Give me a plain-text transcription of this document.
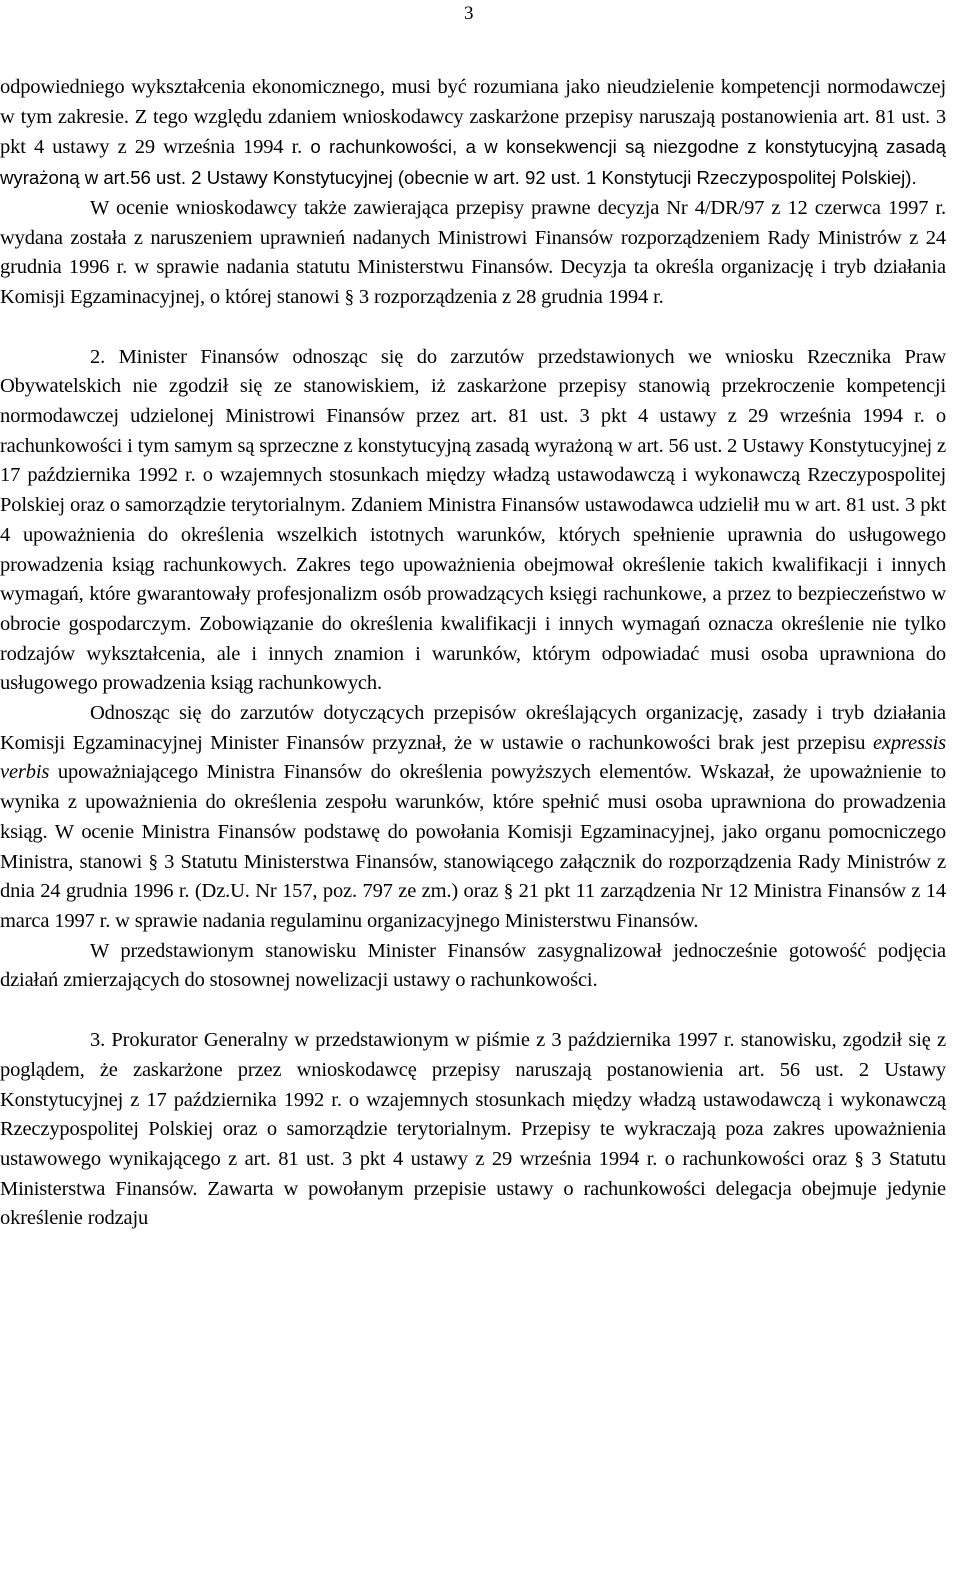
3

odpowiedniego wykształcenia ekonomicznego, musi być rozumiana jako nieudzielenie kompetencji normodawczej w tym zakresie. Z tego względu zdaniem wnioskodawcy zaskarżone przepisy naruszają postanowienia art. 81 ust. 3 pkt 4 ustawy z 29 września 1994 r. o rachunkowości, a w konsekwencji są niezgodne z konstytucyjną zasadą wyrażoną w art.56 ust. 2 Ustawy Konstytucyjnej (obecnie w art. 92 ust. 1 Konstytucji Rzeczypospolitej Polskiej).

W ocenie wnioskodawcy także zawierająca przepisy prawne decyzja Nr 4/DR/97 z 12 czerwca 1997 r. wydana została z naruszeniem uprawnień nadanych Ministrowi Finansów rozporządzeniem Rady Ministrów z 24 grudnia 1996 r. w sprawie nadania statutu Ministerstwu Finansów. Decyzja ta określa organizację i tryb działania Komisji Egzaminacyjnej, o której stanowi § 3 rozporządzenia z 28 grudnia 1994 r.

2. Minister Finansów odnosząc się do zarzutów przedstawionych we wniosku Rzecznika Praw Obywatelskich nie zgodził się ze stanowiskiem, iż zaskarżone przepisy stanowią przekroczenie kompetencji normodawczej udzielonej Ministrowi Finansów przez art. 81 ust. 3 pkt 4 ustawy z 29 września 1994 r. o rachunkowości i tym samym są sprzeczne z konstytucyjną zasadą wyrażoną w art. 56 ust. 2 Ustawy Konstytucyjnej z 17 października 1992 r. o wzajemnych stosunkach między władzą ustawodawczą i wykonawczą Rzeczypospolitej Polskiej oraz o samorządzie terytorialnym. Zdaniem Ministra Finansów ustawodawca udzielił mu w art. 81 ust. 3 pkt 4 upoważnienia do określenia wszelkich istotnych warunków, których spełnienie uprawnia do usługowego prowadzenia ksiąg rachunkowych. Zakres tego upoważnienia obejmował określenie takich kwalifikacji i innych wymagań, które gwarantowały profesjonalizm osób prowadzących księgi rachunkowe, a przez to bezpieczeństwo w obrocie gospodarczym. Zobowiązanie do określenia kwalifikacji i innych wymagań oznacza określenie nie tylko rodzajów wykształcenia, ale i innych znamion i warunków, którym odpowiadać musi osoba uprawniona do usługowego prowadzenia ksiąg rachunkowych.

Odnosząc się do zarzutów dotyczących przepisów określających organizację, zasady i tryb działania Komisji Egzaminacyjnej Minister Finansów przyznał, że w ustawie o rachunkowości brak jest przepisu expressis verbis upoważniającego Ministra Finansów do określenia powyższych elementów. Wskazał, że upoważnienie to wynika z upoważnienia do określenia zespołu warunków, które spełnić musi osoba uprawniona do prowadzenia ksiąg. W ocenie Ministra Finansów podstawę do powołania Komisji Egzaminacyjnej, jako organu pomocniczego Ministra, stanowi § 3 Statutu Ministerstwa Finansów, stanowiącego załącznik do rozporządzenia Rady Ministrów z dnia 24 grudnia 1996 r. (Dz.U. Nr 157, poz. 797 ze zm.) oraz § 21 pkt 11 zarządzenia Nr 12 Ministra Finansów z 14 marca 1997 r. w sprawie nadania regulaminu organizacyjnego Ministerstwu Finansów.

W przedstawionym stanowisku Minister Finansów zasygnalizował jednocześnie gotowość podjęcia działań zmierzających do stosownej nowelizacji ustawy o rachunkowości.

3. Prokurator Generalny w przedstawionym w piśmie z 3 października 1997 r. stanowisku, zgodził się z poglądem, że zaskarżone przez wnioskodawcę przepisy naruszają postanowienia art. 56 ust. 2 Ustawy Konstytucyjnej z 17 października 1992 r. o wzajemnych stosunkach między władzą ustawodawczą i wykonawczą Rzeczypospolitej Polskiej oraz o samorządzie terytorialnym. Przepisy te wykraczają poza zakres upoważnienia ustawowego wynikającego z art. 81 ust. 3 pkt 4 ustawy z 29 września 1994 r. o rachunkowości oraz § 3 Statutu Ministerstwa Finansów. Zawarta w powołanym przepisie ustawy o rachunkowości delegacja obejmuje jedynie określenie rodzaju
